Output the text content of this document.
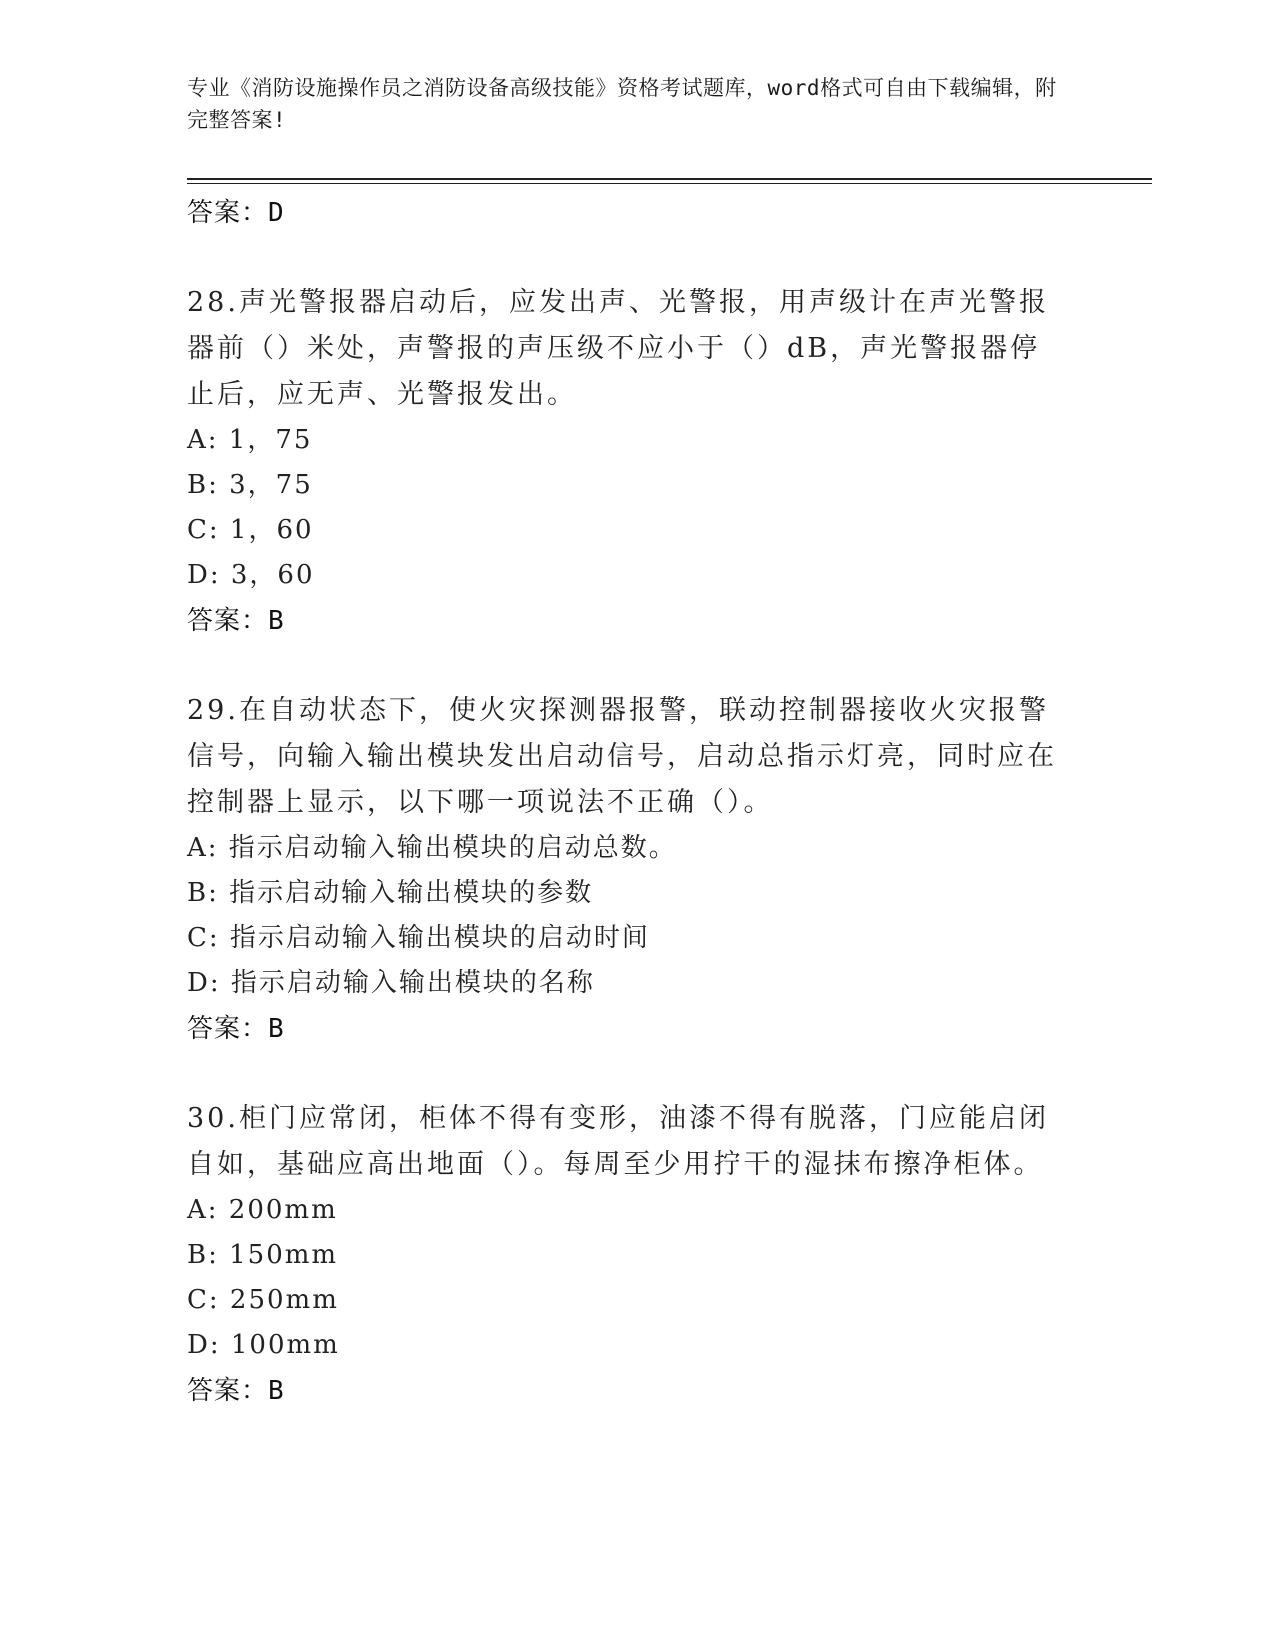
专业《消防设施操作员之消防设备高级技能》资格考试题库，word格式可自由下载编辑，附完整答案!
答案：D
28.声光警报器启动后，应发出声、光警报，用声级计在声光警报器前（）米处，声警报的声压级不应小于（）dB，声光警报器停止后，应无声、光警报发出。
A: 1，75
B: 3，75
C: 1，60
D: 3，60
答案：B
29.在自动状态下，使火灾探测器报警，联动控制器接收火灾报警信号，向输入输出模块发出启动信号，启动总指示灯亮，同时应在控制器上显示，以下哪一项说法不正确（）。
A: 指示启动输入输出模块的启动总数。
B: 指示启动输入输出模块的参数
C: 指示启动输入输出模块的启动时间
D: 指示启动输入输出模块的名称
答案：B
30.柜门应常闭，柜体不得有变形，油漆不得有脱落，门应能启闭自如，基础应高出地面（）。每周至少用拧干的湿抹布擦净柜体。
A: 200mm
B: 150mm
C: 250mm
D: 100mm
答案：B
